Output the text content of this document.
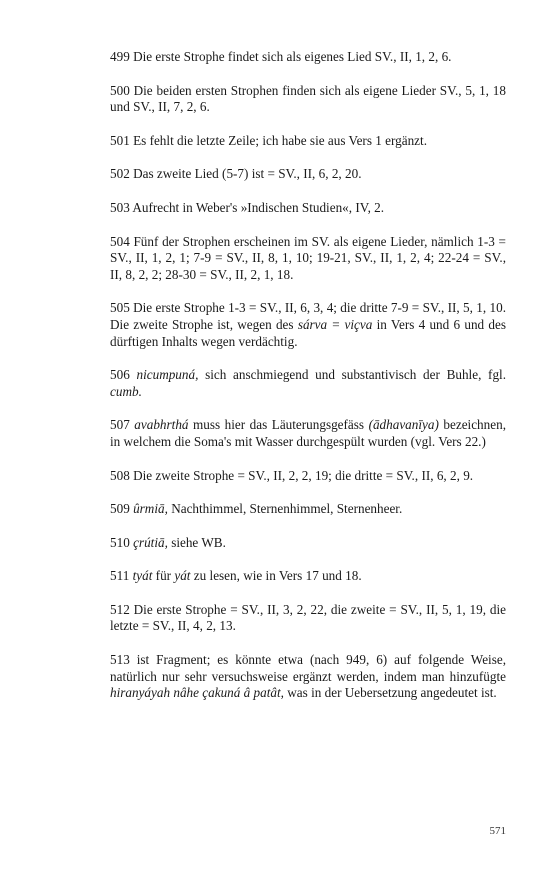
499 Die erste Strophe findet sich als eigenes Lied SV., II, 1, 2, 6.

500 Die beiden ersten Strophen finden sich als eigene Lieder SV., 5, 1, 18 und SV., II, 7, 2, 6.

501 Es fehlt die letzte Zeile; ich habe sie aus Vers 1 ergänzt.

502 Das zweite Lied (5-7) ist = SV., II, 6, 2, 20.

503 Aufrecht in Weber's »Indischen Studien«, IV, 2.

504 Fünf der Strophen erscheinen im SV. als eigene Lieder, nämlich 1-3 = SV., II, 1, 2, 1; 7-9 = SV., II, 8, 1, 10; 19-21, SV., II, 1, 2, 4; 22-24 = SV., II, 8, 2, 2; 28-30 = SV., II, 2, 1, 18.

505 Die erste Strophe 1-3 = SV., II, 6, 3, 4; die dritte 7-9 = SV., II, 5, 1, 10. Die zweite Strophe ist, wegen des sárva = viçva in Vers 4 und 6 und des dürftigen Inhalts wegen verdächtig.

506 nicumpuná, sich anschmiegend und substantivisch der Buhle, fgl. cumb.

507 avabhrthá muss hier das Läuterungsgefäss (ādhavanīya) bezeichnen, in welchem die Soma's mit Wasser durchgespült wurden (vgl. Vers 22.)

508 Die zweite Strophe = SV., II, 2, 2, 19; die dritte = SV., II, 6, 2, 9.

509 ûrmiā, Nachthimmel, Sternenhimmel, Sternenheer.

510 çrútiā, siehe WB.

511 tyát für yát zu lesen, wie in Vers 17 und 18.

512 Die erste Strophe = SV., II, 3, 2, 22, die zweite = SV., II, 5, 1, 19, die letzte = SV., II, 4, 2, 13.

513 ist Fragment; es könnte etwa (nach 949, 6) auf folgende Weise, natürlich nur sehr versuchsweise ergänzt werden, indem man hinzufügte hiranyáyah nâhe çakuná â patât, was in der Uebersetzung angedeutet ist.

571
